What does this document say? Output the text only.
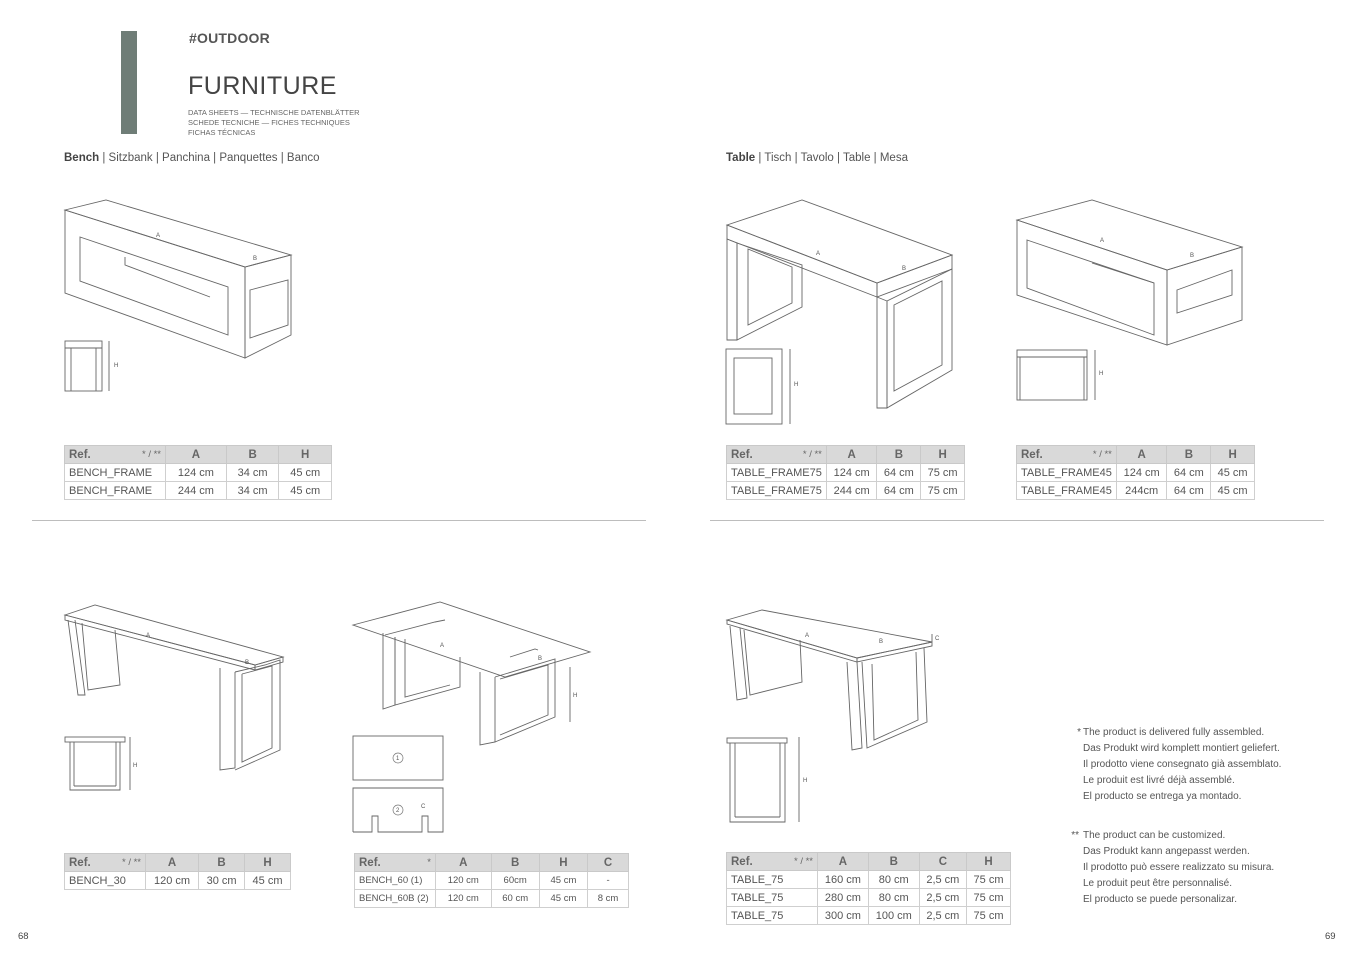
#OUTDOOR
FURNITURE
DATA SHEETS — TECHNISCHE DATENBLÄTTER
SCHEDE TECNICHE — FICHES TECHNIQUES
FICHAS TÉCNICAS
Bench | Sitzbank | Panchina | Panquettes | Banco	Table | Tisch | Tavolo | Table | Mesa
A
B
H
A
B
H
A
B
H
Ref. * / **	A	B	H
BENCH_FRAME	124 cm	34 cm	45 cm
BENCH_FRAME	244 cm	34 cm	45 cm
Ref. * / **	A	B	H
TABLE_FRAME75	124 cm	64 cm	75 cm
TABLE_FRAME75	244 cm	64 cm	75 cm
Ref. * / **	A	B	H
TABLE_FRAME45	124 cm	64 cm	45 cm
TABLE_FRAME45	244cm	64 cm	45 cm
A
B
H
A
B
H
1
2
C
A
B	C
H
Ref. * / **	A	B	H
BENCH_30	120 cm	30 cm	45 cm
Ref. *	A	B	H	C
BENCH_60 (1)	120 cm	60cm	45 cm	-
BENCH_60B (2)	120 cm	60 cm	45 cm	8 cm
Ref. * / **	A	B	C	H
TABLE_75	160 cm	80 cm	2,5 cm	75 cm
TABLE_75	280 cm	80 cm	2,5 cm	75 cm
TABLE_75	300 cm	100 cm	2,5 cm	75 cm
* The product is delivered fully assembled.
Das Produkt wird komplett montiert geliefert.
Il prodotto viene consegnato già assemblato.
Le produit est livré déjà assemblé.
El producto se entrega ya montado.
** The product can be customized.
Das Produkt kann angepasst werden.
Il prodotto può essere realizzato su misura.
Le produit peut être personnalisé.
El producto se puede personalizar.
68	69
